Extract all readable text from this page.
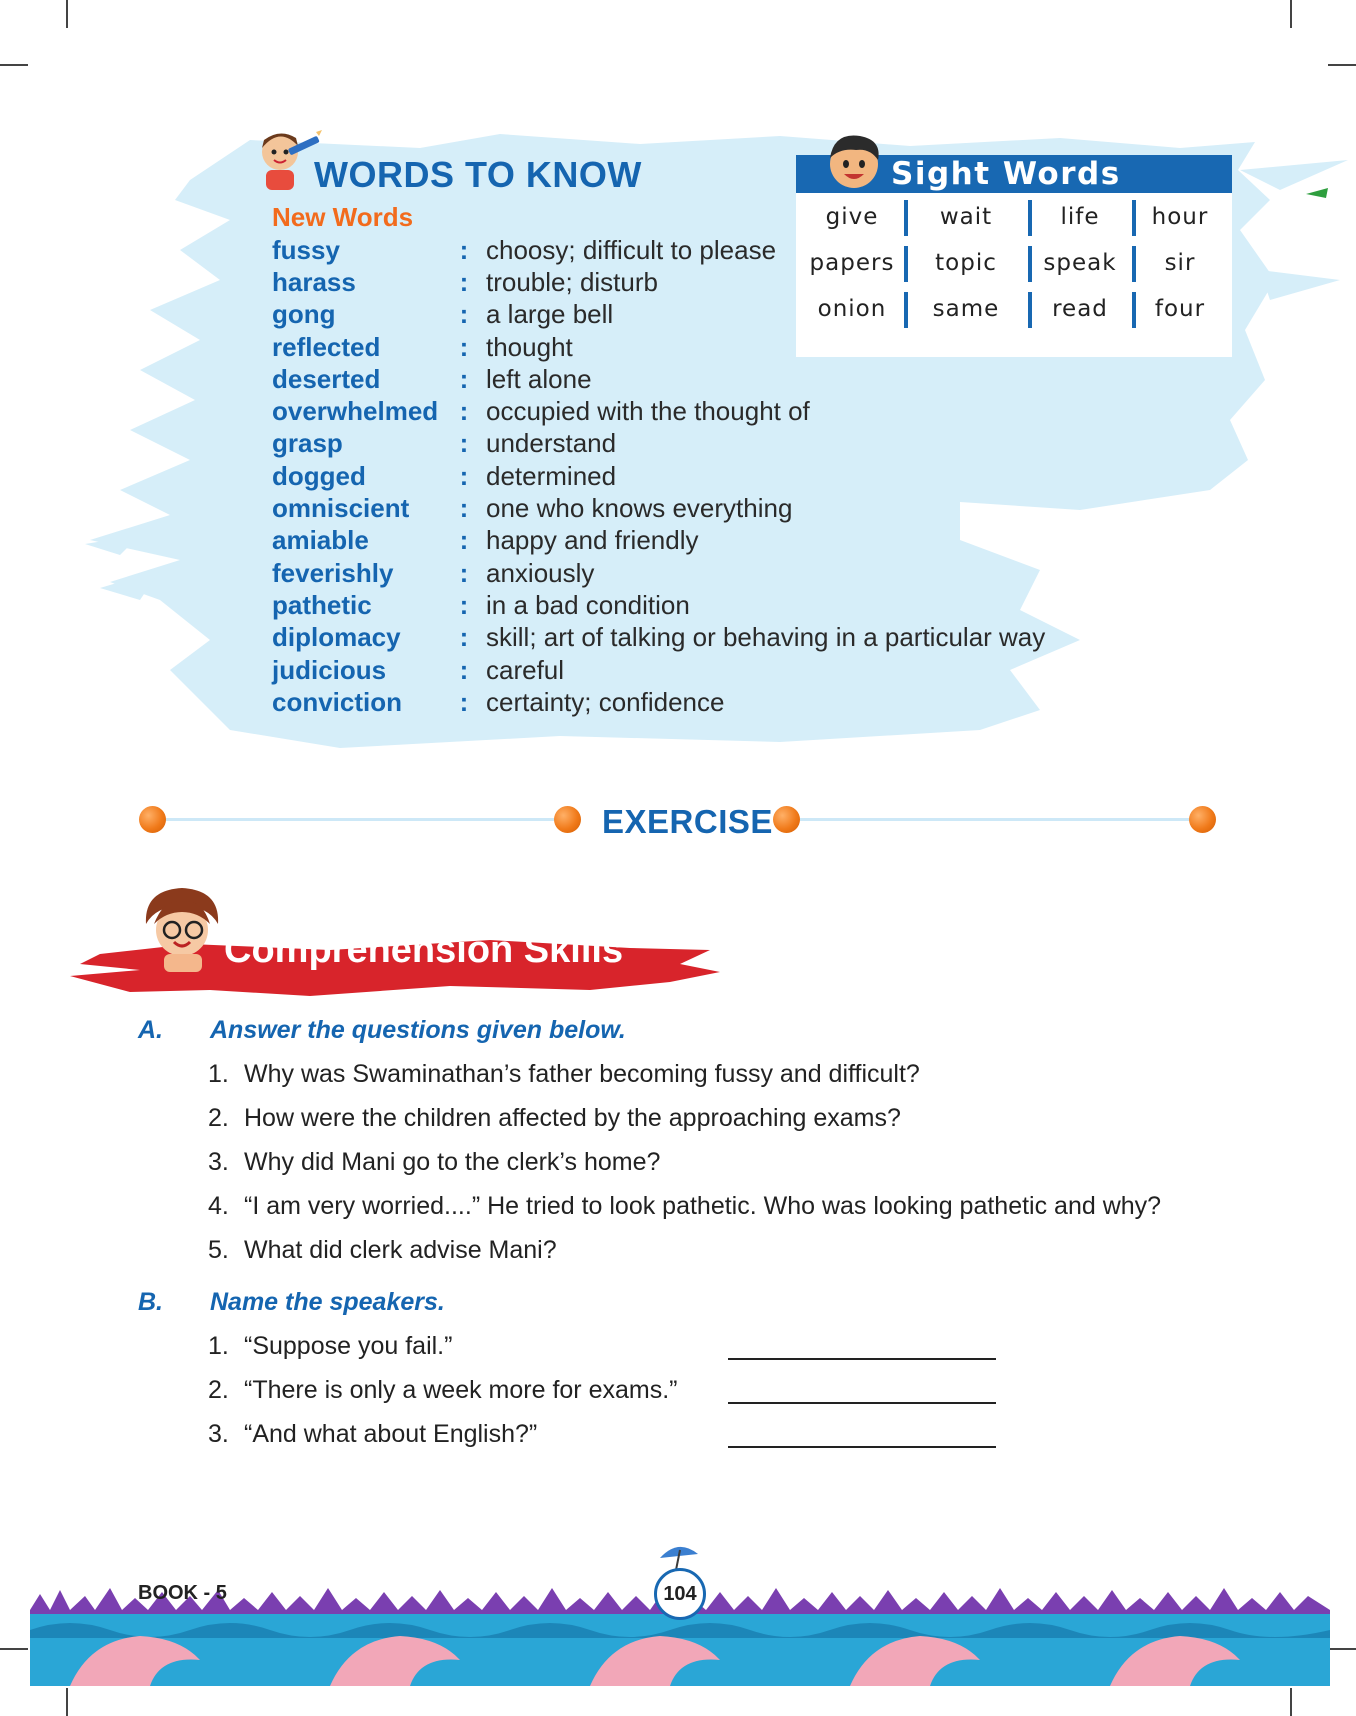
WORDS TO KNOW
New Words
fussy	: choosy; difficult to please
harass	: trouble; disturb
gong	: a large bell
reflected	: thought
deserted	: left alone
overwhelmed : occupied with the thought of
grasp	: understand
dogged	: determined
omniscient	: one who knows everything
amiable	: happy and friendly
feverishly	: anxiously
pathetic	: in a bad condition
diplomacy	: skill; art of talking or behaving in a particular way
judicious	: careful
conviction	: certainty; confidence
Sight Words
give	wait	life	hour
papers	topic	speak	sir
onion	same	read	four
EXERCISE
Comprehension Skills
A. Answer the questions given below.
1. Why was Swaminathan’s father becoming fussy and difficult?
2. How were the children affected by the approaching exams?
3. Why did Mani go to the clerk’s home?
4. “I am very worried....” He tried to look pathetic. Who was looking pathetic and why?
5. What did clerk advise Mani?
B. Name the speakers.
1. “Suppose you fail.”
2. “There is only a week more for exams.”
3. “And what about English?”
BOOK - 5	104
